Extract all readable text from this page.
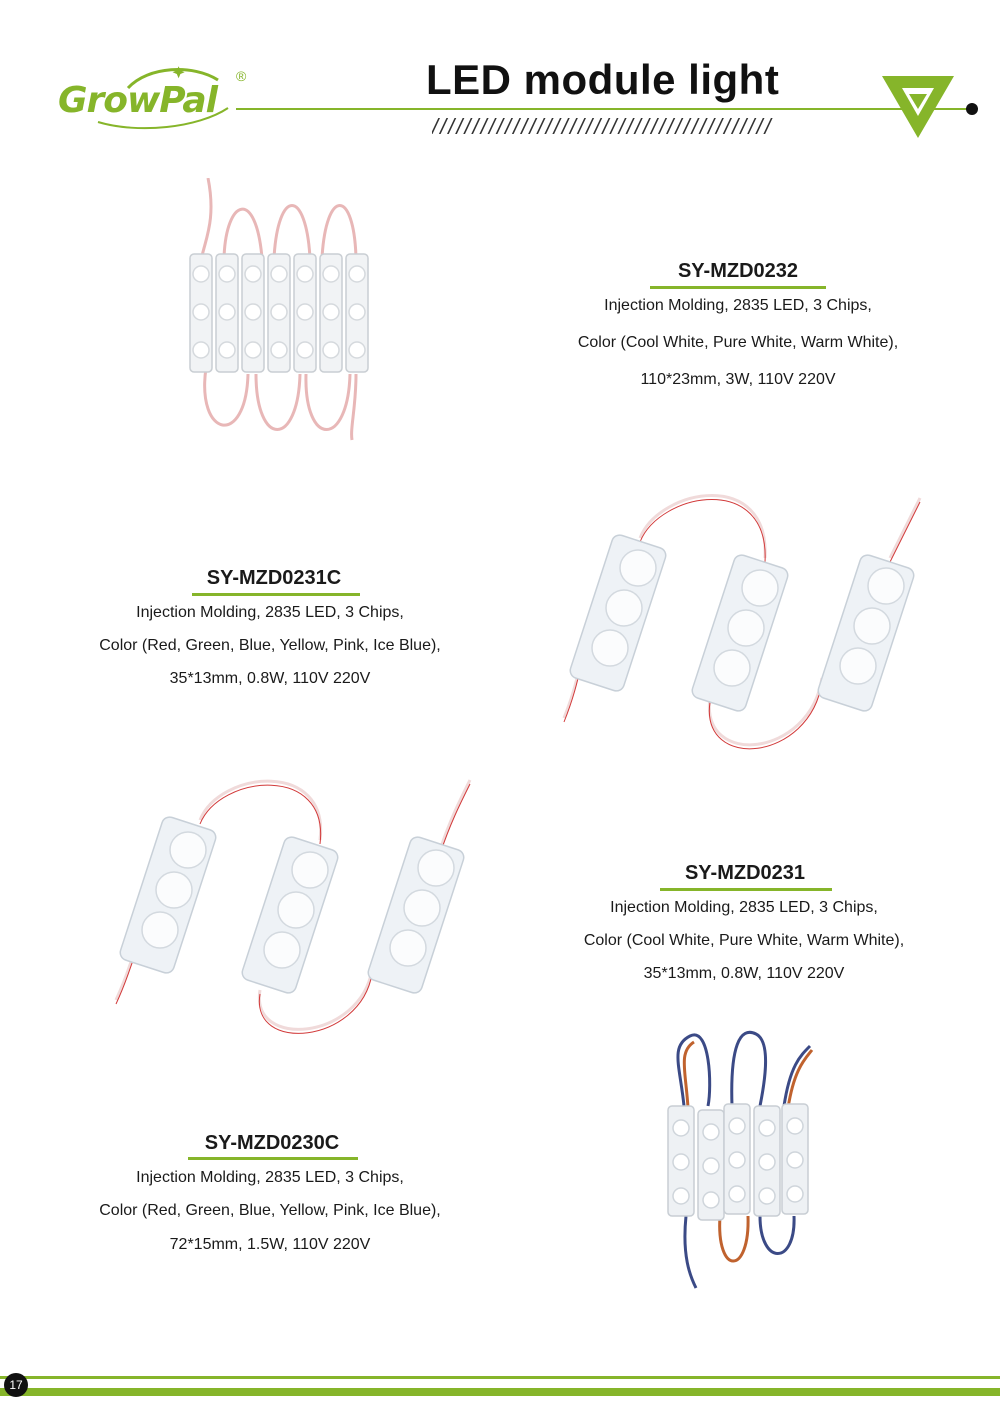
GrowPal
®	LED module light
//////////////////////////////////////////
SY-MZD0232
Injection Molding, 2835 LED, 3 Chips,
Color (Cool White, Pure White, Warm White),
110*23mm, 3W, 110V 220V
SY-MZD0231C
Injection Molding, 2835 LED, 3 Chips,
Color (Red, Green, Blue, Yellow, Pink, Ice Blue),
35*13mm, 0.8W, 110V 220V
SY-MZD0231
Injection Molding, 2835 LED, 3 Chips,
Color (Cool White, Pure White, Warm White),
35*13mm, 0.8W, 110V 220V
SY-MZD0230C
Injection Molding, 2835 LED, 3 Chips,
Color (Red, Green, Blue, Yellow, Pink, Ice Blue),
72*15mm, 1.5W, 110V 220V
17
